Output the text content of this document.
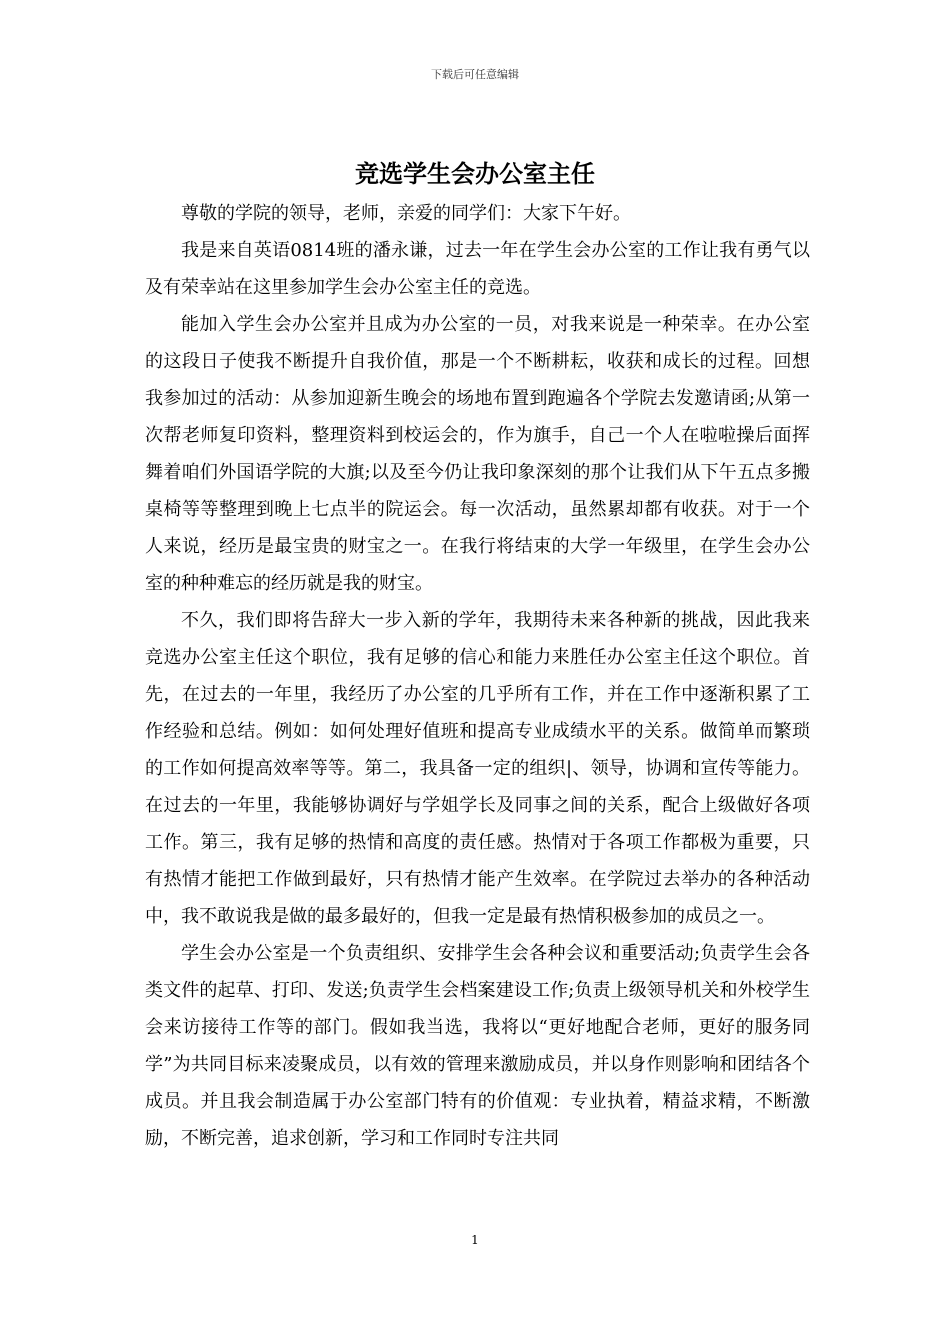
下载后可任意编辑
竞选学生会办公室主任

尊敬的学院的领导，老师，亲爱的同学们：大家下午好。

我是来自英语0814班的潘永谦，过去一年在学生会办公室的工作让我有勇气以及有荣幸站在这里参加学生会办公室主任的竞选。

能加入学生会办公室并且成为办公室的一员，对我来说是一种荣幸。在办公室的这段日子使我不断提升自我价值，那是一个不断耕耘，收获和成长的过程。回想我参加过的活动：从参加迎新生晚会的场地布置到跑遍各个学院去发邀请函;从第一次帮老师复印资料，整理资料到校运会的，作为旗手，自己一个人在啦啦操后面挥舞着咱们外国语学院的大旗;以及至今仍让我印象深刻的那个让我们从下午五点多搬桌椅等等整理到晚上七点半的院运会。每一次活动，虽然累却都有收获。对于一个人来说，经历是最宝贵的财宝之一。在我行将结束的大学一年级里，在学生会办公室的种种难忘的经历就是我的财宝。

不久，我们即将告辞大一步入新的学年，我期待未来各种新的挑战，因此我来竞选办公室主任这个职位，我有足够的信心和能力来胜任办公室主任这个职位。首先，在过去的一年里，我经历了办公室的几乎所有工作，并在工作中逐渐积累了工作经验和总结。例如：如何处理好值班和提高专业成绩水平的关系。做简单而繁琐的工作如何提高效率等等。第二，我具备一定的组织|、领导，协调和宣传等能力。在过去的一年里，我能够协调好与学姐学长及同事之间的关系，配合上级做好各项工作。第三，我有足够的热情和高度的责任感。热情对于各项工作都极为重要，只有热情才能把工作做到最好，只有热情才能产生效率。在学院过去举办的各种活动中，我不敢说我是做的最多最好的，但我一定是最有热情积极参加的成员之一。

学生会办公室是一个负责组织、安排学生会各种会议和重要活动;负责学生会各类文件的起草、打印、发送;负责学生会档案建设工作;负责上级领导机关和外校学生会来访接待工作等的部门。假如我当选，我将以“更好地配合老师，更好的服务同学”为共同目标来凌聚成员，以有效的管理来激励成员，并以身作则影响和团结各个成员。并且我会制造属于办公室部门特有的价值观：专业执着，精益求精，不断激励，不断完善，追求创新，学习和工作同时专注共同

1
